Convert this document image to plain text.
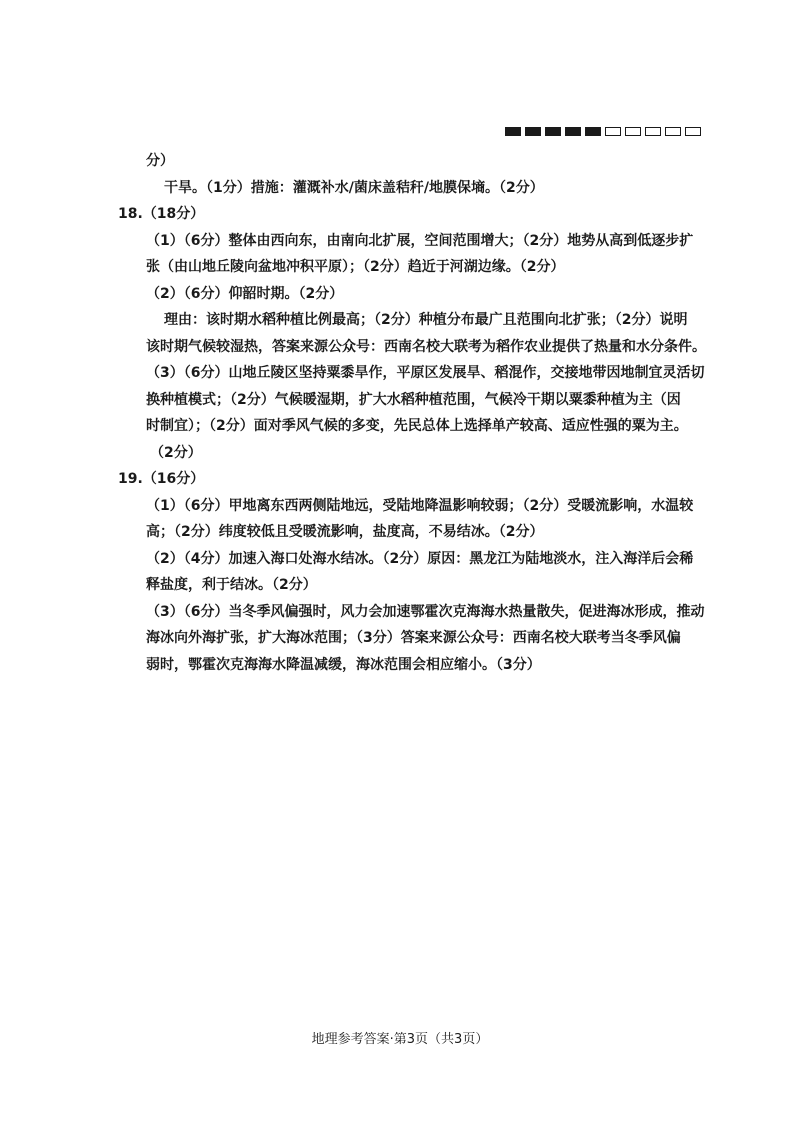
分）
干旱。（1分）措施：灌溉补水/菌床盖秸秆/地膜保墒。（2分）
18.（18分）
（1）（6分）整体由西向东，由南向北扩展，空间范围增大；（2分）地势从高到低逐步扩
张（由山地丘陵向盆地冲积平原）；（2分）趋近于河湖边缘。（2分）
（2）（6分）仰韶时期。（2分）
理由：该时期水稻种植比例最高；（2分）种植分布最广且范围向北扩张；（2分）说明
该时期气候较湿热，答案来源公众号：西南名校大联考为稻作农业提供了热量和水分条件。
（3）（6分）山地丘陵区坚持粟黍旱作，平原区发展旱、稻混作，交接地带因地制宜灵活切
换种植模式；（2分）气候暖湿期，扩大水稻种植范围，气候冷干期以粟黍种植为主（因
时制宜）；（2分）面对季风气候的多变，先民总体上选择单产较高、适应性强的粟为主。
（2分）
19.（16分）
（1）（6分）甲地离东西两侧陆地远，受陆地降温影响较弱；（2分）受暖流影响，水温较
高；（2分）纬度较低且受暖流影响，盐度高，不易结冰。（2分）
（2）（4分）加速入海口处海水结冰。（2分）原因：黑龙江为陆地淡水，注入海洋后会稀
释盐度，利于结冰。（2分）
（3）（6分）当冬季风偏强时，风力会加速鄂霍次克海海水热量散失，促进海冰形成，推动
海冰向外海扩张，扩大海冰范围；（3分）答案来源公众号：西南名校大联考当冬季风偏
弱时，鄂霍次克海海水降温减缓，海冰范围会相应缩小。（3分）
地理参考答案·第3页（共3页）
